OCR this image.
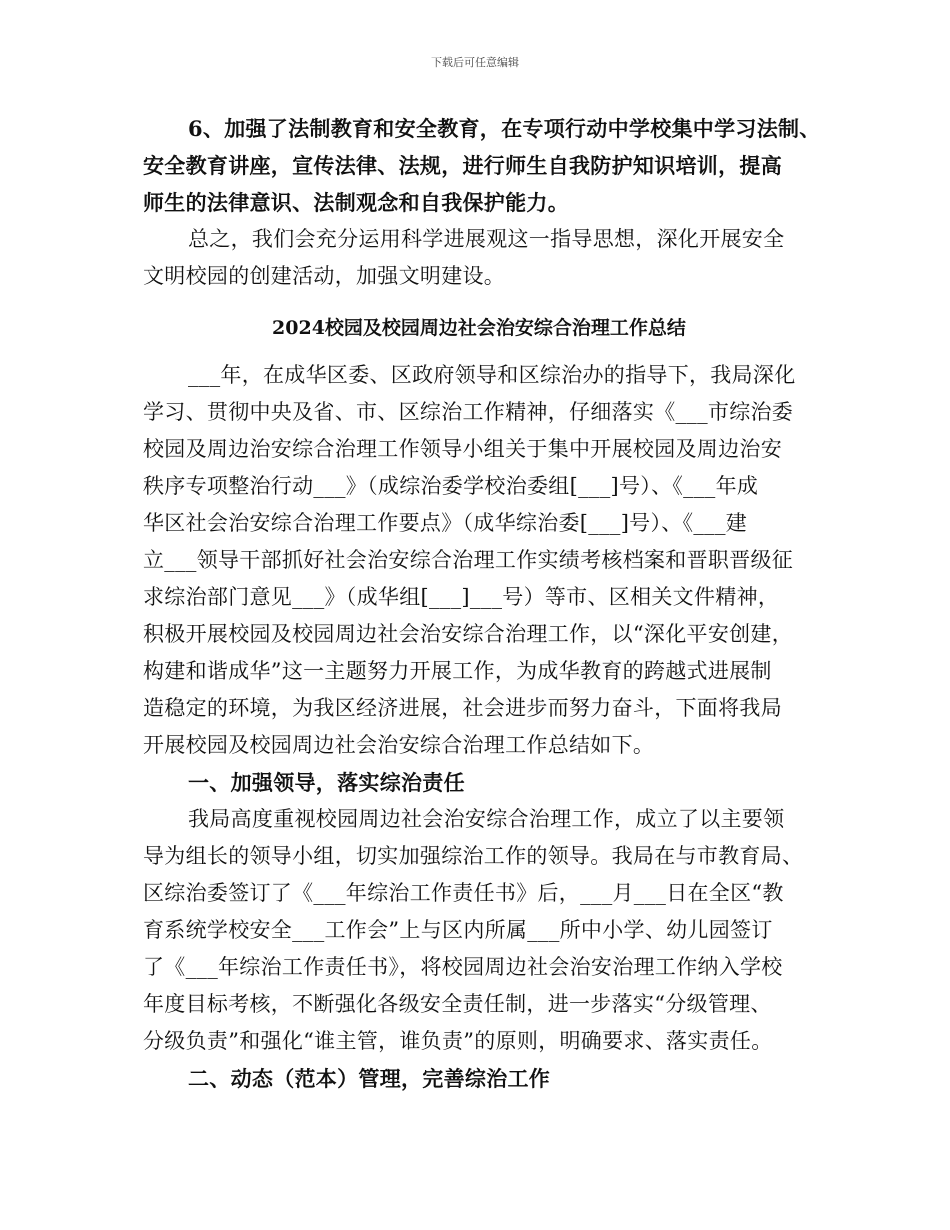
下载后可任意编辑
6、加强了法制教育和安全教育，在专项行动中学校集中学习法制、
安全教育讲座，宣传法律、法规，进行师生自我防护知识培训，提高
师生的法律意识、法制观念和自我保护能力。
总之，我们会充分运用科学进展观这一指导思想，深化开展安全
文明校园的创建活动，加强文明建设。
2024校园及校园周边社会治安综合治理工作总结
___年，在成华区委、区政府领导和区综治办的指导下，我局深化
学习、贯彻中央及省、市、区综治工作精神，仔细落实《___市综治委
校园及周边治安综合治理工作领导小组关于集中开展校园及周边治安
秩序专项整治行动___》（成综治委学校治委组[___]号）、《___年成
华区社会治安综合治理工作要点》（成华综治委[___]号）、《___建
立___领导干部抓好社会治安综合治理工作实绩考核档案和晋职晋级征
求综治部门意见___》（成华组[___]___号）等市、区相关文件精神，
积极开展校园及校园周边社会治安综合治理工作，以“深化平安创建，
构建和谐成华”这一主题努力开展工作，为成华教育的跨越式进展制
造稳定的环境，为我区经济进展，社会进步而努力奋斗，下面将我局
开展校园及校园周边社会治安综合治理工作总结如下。
一、加强领导，落实综治责任
我局高度重视校园周边社会治安综合治理工作，成立了以主要领
导为组长的领导小组，切实加强综治工作的领导。我局在与市教育局、
区综治委签订了《___年综治工作责任书》后，___月___日在全区“教
育系统学校安全___工作会”上与区内所属___所中小学、幼儿园签订
了《___年综治工作责任书》，将校园周边社会治安治理工作纳入学校
年度目标考核，不断强化各级安全责任制，进一步落实“分级管理、
分级负责”和强化“谁主管，谁负责”的原则，明确要求、落实责任。
二、动态（范本）管理，完善综治工作
